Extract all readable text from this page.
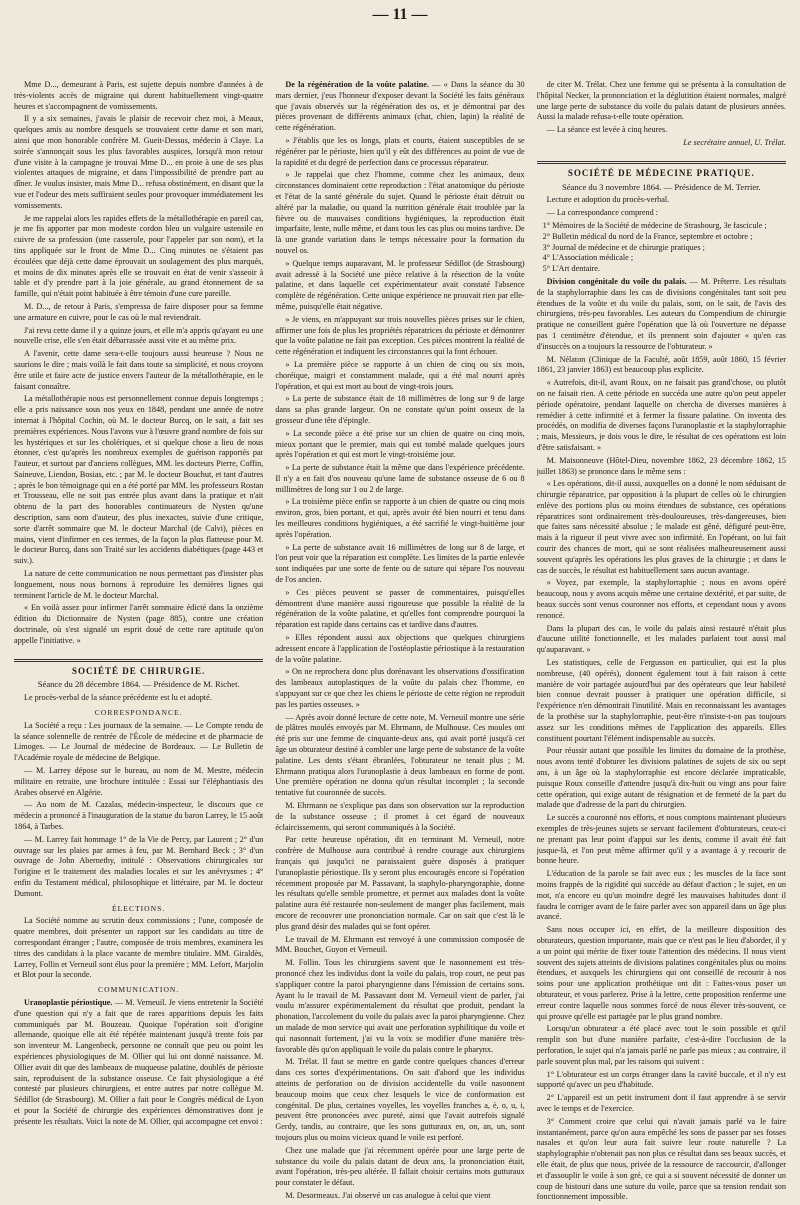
— 11 —

Mme D..., demeurant à Paris, est sujette depuis nombre d'années à de très-violents accès de migraine qui durent habituellement vingt-quatre heures et s'accompagnent de vomissements.

Il y a six semaines, j'avais le plaisir de recevoir chez moi, à Meaux, quelques amis au nombre desquels se trouvaient cette dame et son mari, ainsi que mon honorable confrère M. Gueit-Dessus, médecin à Claye. La soirée s'annonçait sous les plus favorables auspices, lorsqu'à mon retour d'une visite à la campagne je trouvai Mme D... en proie à une de ses plus violentes attaques de migraine, et dans l'impossibilité de prendre part au dîner. Je voulus insister, mais Mme D... refusa obstinément, en disant que la vue et l'odeur des mets suffiraient seules pour provoquer immédiatement les vomissements.

Je me rappelai alors les rapides effets de la métallothérapie en pareil cas, je me fis apporter par mon modeste cordon bleu un vulgaire ustensile en cuivre de sa profession (une casserole, pour l'appeler par son nom), et la tins appliquée sur le front de Mme D... Cinq minutes ne s'étaient pas écoulées que déjà cette dame éprouvait un soulagement des plus marqués, et moins de dix minutes après elle se trouvait en état de venir s'asseoir à table et d'y prendre part à la joie générale, au grand étonnement de sa famille, qui n'était point habituée à être témoin d'une cure pareille.

M. D..., de retour à Paris, s'empressa de faire disposer pour sa femme une armature en cuivre, pour le cas où le mal reviendrait.

J'ai revu cette dame il y a quinze jours, et elle m'a appris qu'ayant eu une nouvelle crise, elle s'en était débarrassée aussi vite et au même prix.

A l'avenir, cette dame sera-t-elle toujours aussi heureuse ? Nous ne saurions le dire ; mais voilà le fait dans toute sa simplicité, et nous croyons être utile et faire acte de justice envers l'auteur de la métallothérapie, en le faisant connaître.

La métallothérapie nous est personnellement connue depuis longtemps ; elle a pris naissance sous nos yeux en 1848, pendant une année de notre internat à l'hôpital Cochin, où M. le docteur Burcq, on le sait, a fait ses premières expériences. Nous l'avons vue à l'œuvre grand nombre de fois sur les hystériques et sur les cholériques, et si quelque chose a lieu de nous étonner, c'est qu'après les nombreux exemples de guérison rapportés par l'auteur, et surtout par d'anciens collègues, MM. les docteurs Pierre, Coffin, Saineuve, Liendon, Bosias, etc. ; par M. le docteur Bouchut, et tant d'autres ; après le bon témoignage qui en a été porté par MM. les professeurs Rostan et Trousseau, elle ne soit pas entrée plus avant dans la pratique et n'ait obtenu de la part des honorables continuateurs de Nysten qu'une description, sans nom d'auteur, des plus inexactes, suivie d'une critique, sorte d'arrêt sommaire que M. le docteur Marchal (de Calvi), pièces en mains, vient d'infirmer en ces termes, de la façon la plus flatteuse pour M. le docteur Burcq, dans son Traité sur les accidents diabétiques (page 443 et suiv.).

La nature de cette communication ne nous permettant pas d'insister plus longuement, nous nous bornons à reproduire les dernières lignes qui terminent l'article de M. le docteur Marchal.

« En voilà assez pour infirmer l'arrêt sommaire édicté dans la onzième édition du Dictionnaire de Nysten (page 885), contre une création doctrinale, où s'est signalé un esprit doué de cette rare aptitude qu'on appelle l'initiative. »

SOCIÉTÉ DE CHIRURGIE.
Séance du 28 décembre 1864. — Présidence de M. Richet.

Le procès-verbal de la séance précédente est lu et adopté.

CORRESPONDANCE.

La Société a reçu : Les journaux de la semaine. — Le Compte rendu de la séance solennelle de rentrée de l'École de médecine et de pharmacie de Limoges. — Le Journal de médecine de Bordeaux. — Le Bulletin de l'Académie royale de médecine de Belgique.

— M. Larrey dépose sur le bureau, au nom de M. Mestre, médecin militaire en retraite, une brochure intitulée : Essai sur l'éléphantiasis des Arabes observé en Algérie.

— Au nom de M. Cazalas, médecin-inspecteur, le discours que ce médecin a prononcé à l'inauguration de la statue du baron Larrey, le 15 août 1864, à Tarbes.

— M. Larrey fait hommage 1° de la Vie de Percy, par Laurent ; 2° d'un ouvrage sur les plaies par armes à feu, par M. Bernhard Beck ; 3° d'un ouvrage de John Abernethy, intitulé : Observations chirurgicales sur l'origine et le traitement des maladies locales et sur les anévrysmes ; 4° enfin du Testament médical, philosophique et littéraire, par M. le docteur Dumont.

ÉLECTIONS.

La Société nomme au scrutin deux commissions ; l'une, composée de quatre membres, doit présenter un rapport sur les candidats au titre de correspondant étranger ; l'autre, composée de trois membres, examinera les titres des candidats à la place vacante de membre titulaire. MM. Giraldès, Larrey, Follin et Verneuil sont élus pour la première ; MM. Lefort, Marjolin et Blot pour la seconde.

COMMUNICATION.

Uranoplastie périostique. — M. Verneuil. Je viens entretenir la Société d'une question qui n'y a fait que de rares apparitions depuis les faits communiqués par M. Bouzeau. Quoique l'opération soit d'origine allemande, quoique elle ait été répétée maintenant jusqu'à trente fois par son inventeur M. Langenbeck, personne ne connaît que peu ou point les expériences physiologiques de M. Ollier qui lui ont donné naissance. M. Ollier avait dit que des lambeaux de muqueuse palatine, doublés de périoste sain, reproduisent de la substance osseuse. Ce fait physiologique a été contesté par plusieurs chirurgiens, et entre autres par notre collègue M. Sédillot (de Strasbourg). M. Ollier a fait pour le Congrès médical de Lyon et pour la Société de chirurgie des expériences démonstratives dont je présente les résultats. Voici la note de M. Ollier, qui accompagne cet envoi :

De la régénération de la voûte palatine. — « Dans la séance du 30 mars dernier, j'eus l'honneur d'exposer devant la Société les faits généraux que j'avais observés sur la régénération des os, et je démontrai par des pièces provenant de différents animaux (chat, chien, lapin) la réalité de cette régénération.

» J'établis que les os longs, plats et courts, étaient susceptibles de se régénérer par le périoste, bien qu'il y eût des différences au point de vue de la rapidité et du degré de perfection dans ce processus réparateur.

» Je rappelai que chez l'homme, comme chez les animaux, deux circonstances dominaient cette reproduction : l'état anatomique du périoste et l'état de la santé générale du sujet. Quand le périoste était détruit ou altéré par la maladie, ou quand la nutrition générale était troublée par la fièvre ou de mauvaises conditions hygiéniques, la reproduction était imparfaite, lente, nulle même, et dans tous les cas plus ou moins tardive. De là une grande variation dans le temps nécessaire pour la formation du nouvel os.

» Quelque temps auparavant, M. le professeur Sédillot (de Strasbourg) avait adressé à la Société une pièce relative à la résection de la voûte palatine, et dans laquelle cet expérimentateur avait constaté l'absence complète de régénération. Cette unique expérience ne prouvait rien par elle-même, puisqu'elle était négative.

» Je viens, en m'appuyant sur trois nouvelles pièces prises sur le chien, affirmer une fois de plus les propriétés réparatrices du périoste et démontrer que la voûte palatine ne fait pas exception. Ces pièces montrent la réalité de cette régénération et indiquent les circonstances qui la font échouer.

» La première pièce se rapporte à un chien de cinq ou six mois, choréique, maigri et constamment malade, qui a été mal nourri après l'opération, et qui est mort au bout de vingt-trois jours.

» La perte de substance était de 18 millimètres de long sur 9 de large dans sa plus grande largeur. On ne constate qu'un point osseux de la grosseur d'une tête d'épingle.

» La seconde pièce a été prise sur un chien de quatre ou cinq mois, mieux portant que le premier, mais qui est tombé malade quelques jours après l'opération et qui est mort le vingt-troisième jour.

» La perte de substance était la même que dans l'expérience précédente. Il n'y a en fait d'os nouveau qu'une lame de substance osseuse de 6 ou 8 millimètres de long sur 1 ou 2 de large.

» La troisième pièce enfin se rapporte à un chien de quatre ou cinq mois environ, gros, bien portant, et qui, après avoir été bien nourri et tenu dans les meilleures conditions hygiéniques, a été sacrifié le vingt-huitième jour après l'opération.

» La perte de substance avait 16 millimètres de long sur 8 de large, et l'on peut voir que la réparation est complète. Les limites de la partie enlevée sont indiquées par une sorte de fente ou de suture qui sépare l'os nouveau de l'os ancien.

» Ces pièces peuvent se passer de commentaires, puisqu'elles démontrent d'une manière aussi rigoureuse que possible la réalité de la régénération de la voûte palatine, et qu'elles font comprendre pourquoi la réparation est rapide dans certains cas et tardive dans d'autres.

» Elles répondent aussi aux objections que quelques chirurgiens adressent encore à l'application de l'ostéoplastie périostique à la restauration de la voûte palatine.

» On ne reprochera donc plus dorénavant les observations d'ossification des lambeaux autoplastiques de la voûte du palais chez l'homme, en s'appuyant sur ce que chez les chiens le périoste de cette région ne reproduit pas les parties osseuses. »

— Après avoir donné lecture de cette note, M. Verneuil montre une série de plâtres moulés envoyés par M. Ehrmann, de Mulhouse. Ces moules ont été pris sur une femme de cinquante-deux ans, qui avait porté jusqu'à cet âge un obturateur destiné à combler une large perte de substance de la voûte palatine. Les dents s'étant ébranlées, l'obturateur ne tenait plus ; M. Ehrmann pratiqua alors l'uranoplastie à deux lambeaux en forme de pont. Une première opération ne donna qu'un résultat incomplet ; la seconde tentative fut couronnée de succès.

M. Ehrmann ne s'explique pas dans son observation sur la reproduction de la substance osseuse ; il promet à cet égard de nouveaux éclaircissements, qui seront communiqués à la Société.

Par cette heureuse opération, dit en terminant M. Verneuil, notre confrère de Mulhouse aura contribué à rendre courage aux chirurgiens français qui jusqu'ici ne paraissaient guère disposés à pratiquer l'uranoplastie périostique. Ils y seront plus encouragés encore si l'opération récemment proposée par M. Passavant, la staphylo-pharyngoraphie, donne les résultats qu'elle semble promettre, et permet aux malades dont la voûte palatine aura été restaurée non-seulement de manger plus facilement, mais encore de recouvrer une prononciation normale. Car on sait que c'est là le plus grand désir des malades qui se font opérer.

Le travail de M. Ehrmann est renvoyé à une commission composée de MM. Bouchet, Guyon et Verneuil.

M. Follin. Tous les chirurgiens savent que le nasonnement est très-prononcé chez les individus dont la voile du palais, trop court, ne peut pas s'appliquer contre la paroi pharyngienne dans l'émission de certains sons. Ayant lu le travail de M. Passavant dont M. Verneuil vient de parler, j'ai voulu m'assurer expérimentalement du résultat que produit, pendant la phonation, l'accolement du voile du palais avec la paroi pharyngienne. Chez un malade de mon service qui avait une perforation syphilitique du voile et qui nasonnait fortement, j'ai vu la voix se modifier d'une manière très-favorable dès qu'on appliquait le voile du palais contre le pharynx.

M. Trélat. Il faut se mettre en garde contre quelques chances d'erreur dans ces sortes d'expérimentations. On sait d'abord que les individus atteints de perforation ou de division accidentelle du voile nasonnent beaucoup moins que ceux chez lesquels le vice de conformation est congénital. De plus, certaines voyelles, les voyelles franches a, è, o, u, i, peuvent être prononcées avec pureté, ainsi que l'avait autrefois signalé Gerdy, tandis, au contraire, que les sons gutturaux en, on, an, un, sont toujours plus ou moins vicieux quand le voile est perforé.

Chez une malade que j'ai récemment opérée pour une large perte de substance du voile du palais datant de deux ans, la prononciation était, avant l'opération, très-peu altérée. Il fallait choisir certains mots gutturaux pour constater le défaut.

M. Desormeaux. J'ai observé un cas analogue à celui que vient

de citer M. Trélat. Chez une femme qui se présenta à la consultation de l'hôpital Necker, la prononciation et la déglutition étaient normales, malgré une large perte de substance du voile du palais datant de plusieurs années. Aussi la malade refusa-t-elle toute opération.

— La séance est levée à cinq heures.

Le secrétaire annuel, U. Trélat.
SOCIÉTÉ DE MÉDECINE PRATIQUE.
Séance du 3 novembre 1864. — Présidence de M. Terrier.

Lecture et adoption du procès-verbal.

— La correspondance comprend :

1° Mémoires de la Société de médecine de Strasbourg, 3e fascicule ;
2° Bulletin médical du nord de la France, septembre et octobre ;
3° Journal de médecine et de chirurgie pratiques ;
4° L'Association médicale ;
5° L'Art dentaire.

Division congénitale du voile du palais. — M. Prêterre. Les résultats de la staphylorraphie dans les cas de divisions congénitales tant soit peu étendues de la voûte et du voile du palais, sont, on le sait, de l'avis des chirurgiens, très-peu favorables. Les auteurs du Compendium de chirurgie pratique ne conseillent guère l'opération que là où l'ouverture ne dépasse pas 1 centimètre d'étendue, et ils prennent soin d'ajouter « qu'en cas d'insuccès on a toujours la ressource de l'obturateur. »

M. Nélaton (Clinique de la Faculté, août 1859, août 1860, 15 février 1861, 23 janvier 1863) est beaucoup plus explicite.

« Autrefois, dit-il, avant Roux, on ne faisait pas grand'chose, ou plutôt on ne faisait rien. A cette période en succéda une autre qu'on peut appeler période opératoire, pendant laquelle on chercha de diverses manières à remédier à cette infirmité et à fermer la fissure palatine. On inventa des procédés, on modifia de diverses façons l'uranoplastie et la staphylorraphie ; mais, Messieurs, je dois vous le dire, le résultat de ces opérations est loin d'être satisfaisant. »

M. Maisonneuve (Hôtel-Dieu, novembre 1862, 23 décembre 1862, 15 juillet 1863) se prononce dans le même sens :

« Les opérations, dit-il aussi, auxquelles on a donné le nom séduisant de chirurgie réparatrice, par opposition à la plupart de celles où le chirurgien enlève des portions plus ou moins étendues de substance, ces opérations réparatrices sont ordinairement très-douloureuses, très-dangereuses, bien que faites sans nécessité absolue ; le malade est gêné, défiguré peut-être, mais à la rigueur il peut vivre avec son infirmité. En l'opérant, on lui fait courir des chances de mort, qui se sont réalisées malheureusement aussi souvent qu'après les opérations les plus graves de la chirurgie ; et dans le cas de succès, le résultat est habituellement sans aucun avantage.

» Voyez, par exemple, la staphylorraphie ; nous en avons opéré beaucoup, nous y avons acquis même une certaine dextérité, et par suite, de beaux succès sont venus couronner nos efforts, et cependant nous y avons renoncé.

Dans la plupart des cas, le voile du palais ainsi restauré n'était plus d'aucune utilité fonctionnelle, et les malades parlaient tout aussi mal qu'auparavant. »

Les statistiques, celle de Fergusson en particulier, qui est la plus nombreuse, (40 opérés), donnent également tout à fait raison à cette manière de voir partagée aujourd'hui par des opérateurs que leur habileté bien connue devrait pousser à pratiquer une opération difficile, si l'expérience n'en démontrait l'inutilité. Mais en reconnaissant les avantages de la prothèse sur la staphylorraphie, peut-être n'insiste-t-on pas toujours assez sur les conditions mêmes de l'application des appareils. Elles constituent pourtant l'élément indispensable au succès.

Pour réussir autant que possible les limites du domaine de la prothèse, nous avons tenté d'obturer les divisions palatines de sujets de six ou sept ans, à un âge où la staphylorraphie est encore déclarée impraticable, puisque Roux conseille d'attendre jusqu'à dix-huit ou vingt ans pour faire cette opération, qui exige autant de résignation et de fermeté de la part du malade que d'adresse de la part du chirurgien.

Le succès a couronné nos efforts, et nous comptons maintenant plusieurs exemples de très-jeunes sujets se servant facilement d'obturateurs, ceux-ci ne prenant pas leur point d'appui sur les dents, comme il avait été fait jusque-là, et l'on peut même affirmer qu'il y a avantage à y recourir de bonne heure.

L'éducation de la parole se fait avec eux ; les muscles de la face sont moins frappés de la rigidité qui succède au défaut d'action ; le sujet, en un mot, n'a encore eu qu'un moindre degré les mauvaises habitudes dont il faudra le corriger avant de le faire parler avec son appareil dans un âge plus avancé.

Sans nous occuper ici, en effet, de la meilleure disposition des obturateurs, question importante, mais que ce n'est pas le lieu d'aborder, il y a un point qui mérite de fixer toute l'attention des médecins. Il nous vient souvent des sujets atteints de divisions palatines congénitales plus ou moins étendues, et auxquels les chirurgiens qui ont conseillé de recourir à nos soins pour une application prothétique ont dit : Faites-vous poser un obturateur, et vous parlerez. Prise à la lettre, cette proposition renferme une erreur contre laquelle nous sommes forcé de nous élever très-souvent, ce qui prouve qu'elle est partagée par le plus grand nombre.

Lorsqu'un obturateur a été placé avec tout le soin possible et qu'il remplit son but d'une manière parfaite, c'est-à-dire l'occlusion de la perforation, le sujet qui n'a jamais parlé ne parle pas mieux ; au contraire, il parle souvent plus mal, par les raisons qui suivent :

1° L'obturateur est un corps étranger dans la cavité buccale, et il n'y est supporté qu'avec un peu d'habitude.

2° L'appareil est un petit instrument dont il faut apprendre à se servir avec le temps et de l'exercice.

3° Comment croire que celui qui n'avait jamais parlé va le faire instantanément, parce qu'on aura empêché les sons de passer par ses fosses nasales et qu'on leur aura fait suivre leur route naturelle ? La staphylographie n'obtenait pas non plus ce résultat dans ses beaux succès, et elle était, de plus que nous, privée de la ressource de raccourcir, d'allonger et d'assouplir le voile à son gré, ce qui a si souvent nécessité de donner un coup de bistouri dans une suture du voile, parce que sa tension rendait son fonctionnement impossible.
